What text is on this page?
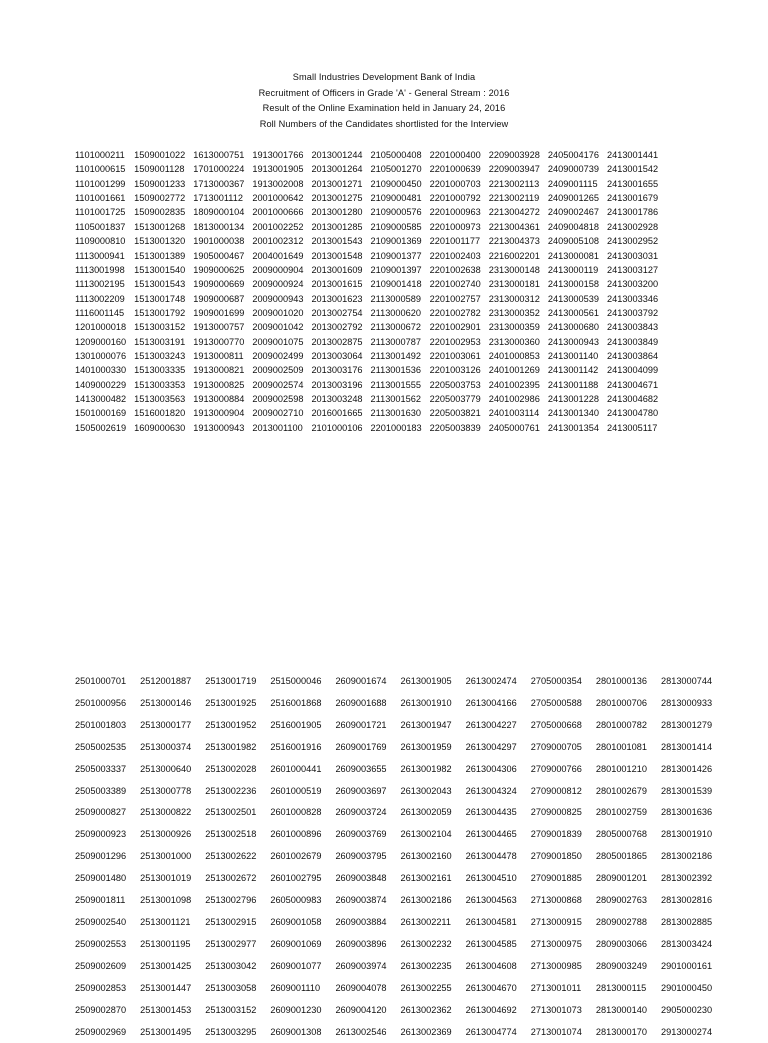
Small Industries Development Bank of India
Recruitment of Officers in Grade 'A' - General Stream : 2016
Result of the Online Examination held in January 24, 2016
Roll Numbers of the Candidates shortlisted for the Interview
1101000211 1509001022 1613000751 1913001766 2013001244 2105000408 2201000400 2209003928 2405004176 2413001441
1101000615 1509001128 1701000224 1913001905 2013001264 2105001270 2201000639 2209003947 2409000739 2413001542
1101001299 1509001233 1713000367 1913002008 2013001271 2109000450 2201000703 2213002113 2409001115 2413001655
1101001661 1509002772 1713001112 2001000642 2013001275 2109000481 2201000792 2213002119 2409001265 2413001679
1101001725 1509002835 1809000104 2001000666 2013001280 2109000576 2201000963 2213004272 2409002467 2413001786
1105001837 1513001268 1813000134 2001002252 2013001285 2109000585 2201000973 2213004361 2409004818 2413002928
1109000810 1513001320 1901000038 2001002312 2013001543 2109001369 2201001177 2213004373 2409005108 2413002952
1113000941 1513001389 1905000467 2004001649 2013001548 2109001377 2201002403 2216002201 2413000081 2413003031
1113001998 1513001540 1909000625 2009000904 2013001609 2109001397 2201002638 2313000148 2413000119 2413003127
1113002195 1513001543 1909000669 2009000924 2013001615 2109001418 2201002740 2313000181 2413000158 2413003200
1113002209 1513001748 1909000687 2009000943 2013001623 2113000589 2201002757 2313000312 2413000539 2413003346
1116001145 1513001792 1909001699 2009001020 2013002754 2113000620 2201002782 2313000352 2413000561 2413003792
1201000018 1513003152 1913000757 2009001042 2013002792 2113000672 2201002901 2313000359 2413000680 2413003843
1209000160 1513003191 1913000770 2009001075 2013002875 2113000787 2201002953 2313000360 2413000943 2413003849
1301000076 1513003243 1913000811 2009002499 2013003064 2113001492 2201003061 2401000853 2413001140 2413003864
1401000330 1513003335 1913000821 2009002509 2013003176 2113001536 2201003126 2401001269 2413001142 2413004099
1409000229 1513003353 1913000825 2009002574 2013003196 2113001555 2205003753 2401002395 2413001188 2413004671
1413000482 1513003563 1913000884 2009002598 2013003248 2113001562 2205003779 2401002986 2413001228 2413004682
1501000169 1516001820 1913000904 2009002710 2016001665 2113001630 2205003821 2401003114 2413001340 2413004780
1505002619 1609000630 1913000943 2013001100 2101000106 2201000183 2205003839 2405000761 2413001354 2413005117
2501000701 2512001887 2513001719 2515000046 2609001674 2613001905 2613002474 2705000354 2801000136 2813000744
2501000956 2513000146 2513001925 2516001868 2609001688 2613001910 2613004166 2705000588 2801000706 2813000933
2501001803 2513000177 2513001952 2516001905 2609001721 2613001947 2613004227 2705000668 2801000782 2813001279
2505002535 2513000374 2513001982 2516001916 2609001769 2613001959 2613004297 2709000705 2801001081 2813001414
2505003337 2513000640 2513002028 2601000441 2609003655 2613001982 2613004306 2709000766 2801001210 2813001426
2505003389 2513000778 2513002236 2601000519 2609003697 2613002043 2613004324 2709000812 2801002679 2813001539
2509000827 2513000822 2513002501 2601000828 2609003724 2613002059 2613004435 2709000825 2801002759 2813001636
2509000923 2513000926 2513002518 2601000896 2609003769 2613002104 2613004465 2709001839 2805000768 2813001910
2509001296 2513001000 2513002622 2601002679 2609003795 2613002160 2613004478 2709001850 2805001865 2813002186
2509001480 2513001019 2513002672 2601002795 2609003848 2613002161 2613004510 2709001885 2809001201 2813002392
2509001811 2513001098 2513002796 2605000983 2609003874 2613002186 2613004563 2713000868 2809002763 2813002816
2509002540 2513001121 2513002915 2609001058 2609003884 2613002211 2613004581 2713000915 2809002788 2813002885
2509002553 2513001195 2513002977 2609001069 2609003896 2613002232 2613004585 2713000975 2809003066 2813003424
2509002609 2513001425 2513003042 2609001077 2609003974 2613002235 2613004608 2713000985 2809003249 2901000161
2509002853 2513001447 2513003058 2609001110 2609004078 2613002255 2613004670 2713001011 2813000115 2901000450
2509002870 2513001453 2513003152 2609001230 2609004120 2613002362 2613004692 2713001073 2813000140 2905000230
2509002969 2513001495 2513003295 2609001308 2613002546 2613002369 2613004774 2713001074 2813000170 2913000274
